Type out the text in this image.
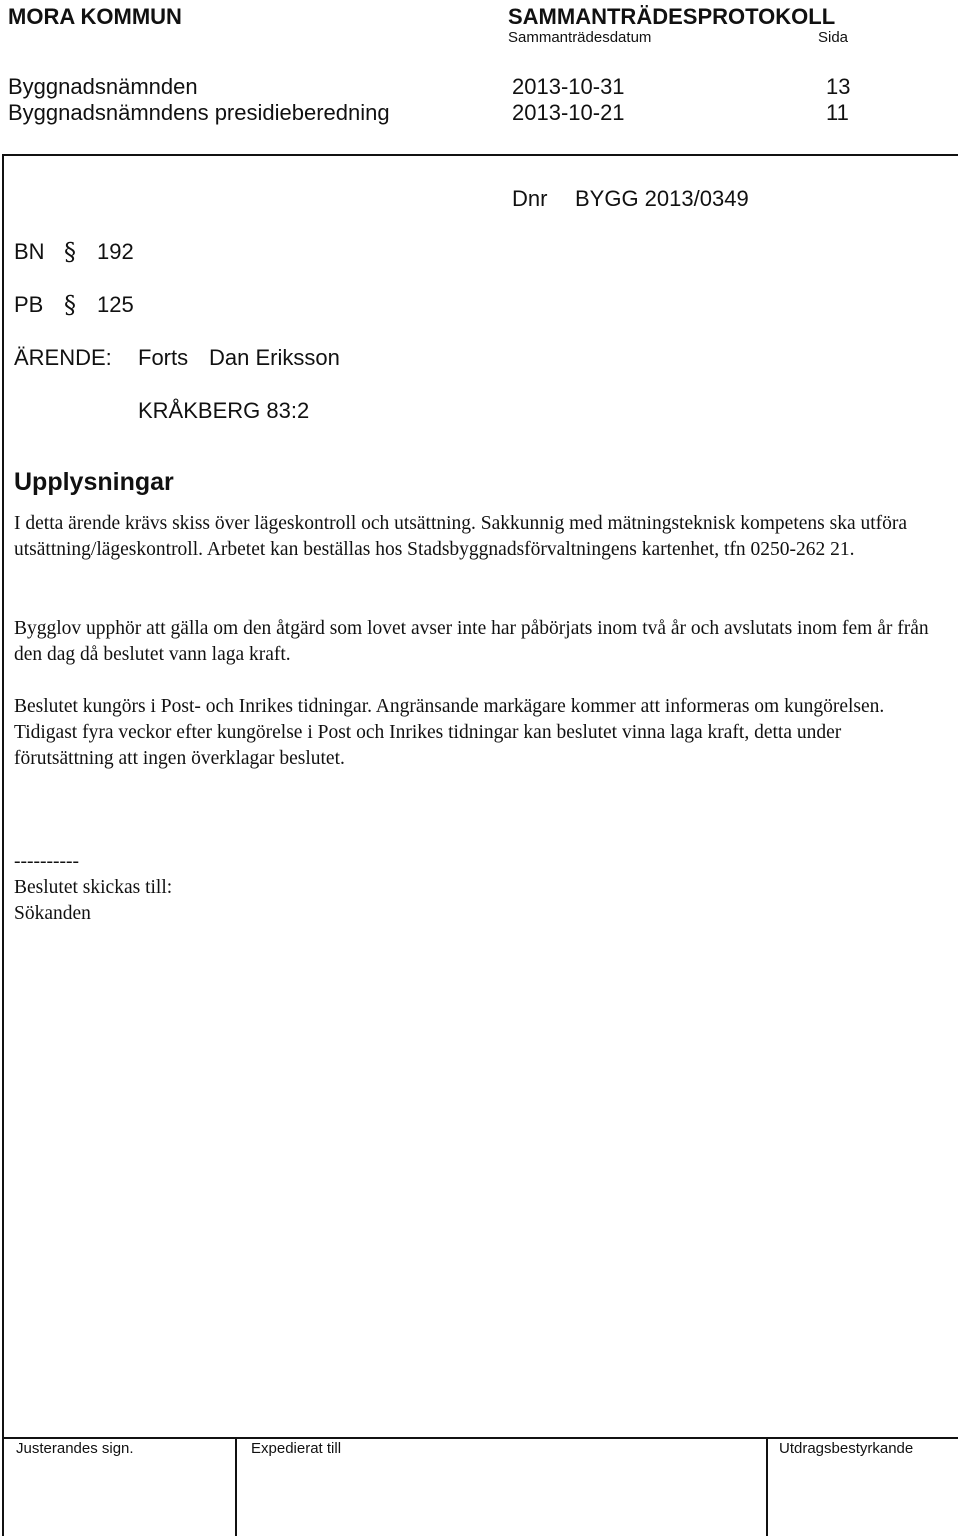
MORA KOMMUN	SAMMANTRÄDESPROTOKOLL
Sammanträdesdatum	Sida
Byggnadsnämnden	2013-10-31	13
Byggnadsnämndens presidieberedning	2013-10-21	11
Dnr BYGG 2013/0349
BN § 192
PB § 125
ÄRENDE: Forts Dan Eriksson
KRÅKBERG 83:2
Upplysningar
I detta ärende krävs skiss över lägeskontroll och utsättning. Sakkunnig med mätningsteknisk kompetens ska utföra utsättning/lägeskontroll. Arbetet kan beställas hos Stadsbyggnadsförvaltningens kartenhet, tfn 0250-262 21.
Bygglov upphör att gälla om den åtgärd som lovet avser inte har påbörjats inom två år och avslutats inom fem år från den dag då beslutet vann laga kraft.
Beslutet kungörs i Post- och Inrikes tidningar. Angränsande markägare kommer att informeras om kungörelsen. Tidigast fyra veckor efter kungörelse i Post och Inrikes tidningar kan beslutet vinna laga kraft, detta under förutsättning att ingen överklagar beslutet.
----------
Beslutet skickas till:
Sökanden
Justerandes sign.	Expedierat till	Utdragsbestyrkande
